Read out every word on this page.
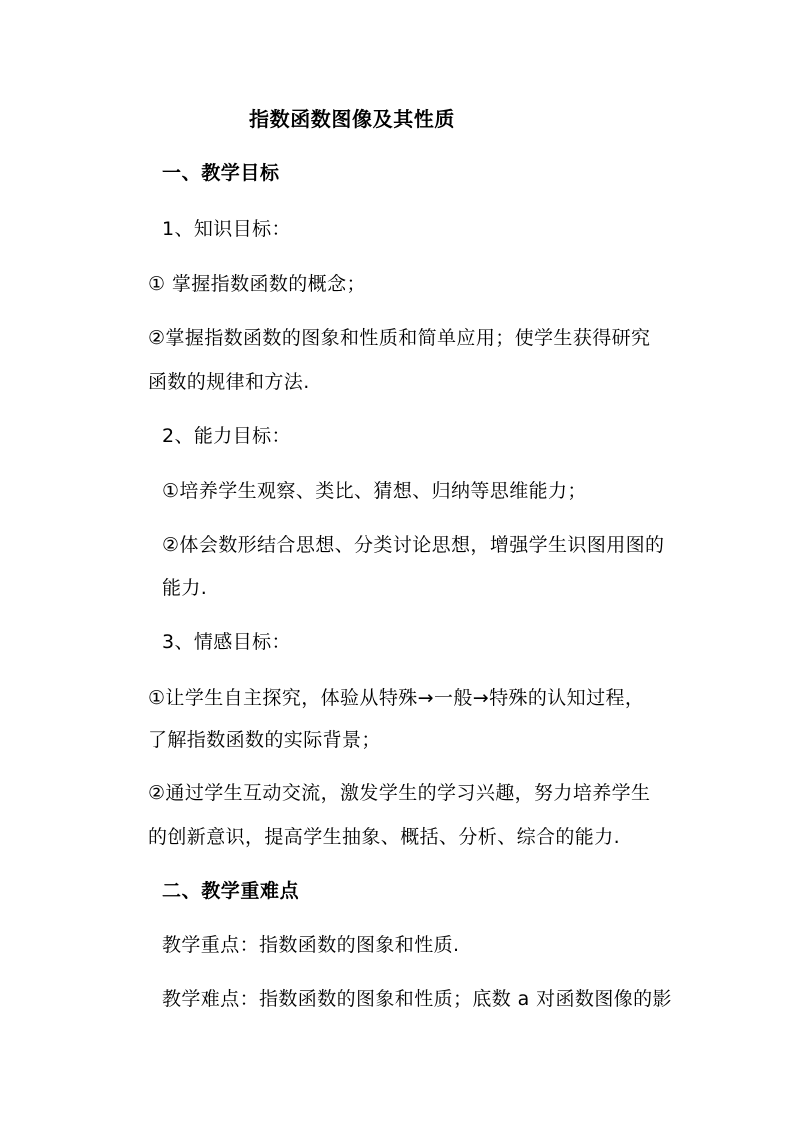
指数函数图像及其性质
一、教学目标
1、知识目标：
① 掌握指数函数的概念；
②掌握指数函数的图象和性质和简单应用；使学生获得研究
函数的规律和方法.
2、能力目标：
①培养学生观察、类比、猜想、归纳等思维能力；
②体会数形结合思想、分类讨论思想，增强学生识图用图的
能力.
3、情感目标：
①让学生自主探究，体验从特殊→一般→特殊的认知过程，
了解指数函数的实际背景；
②通过学生互动交流，激发学生的学习兴趣，努力培养学生
的创新意识，提高学生抽象、概括、分析、综合的能力.
二、教学重难点
教学重点：指数函数的图象和性质.
教学难点：指数函数的图象和性质；底数 a 对函数图像的影
